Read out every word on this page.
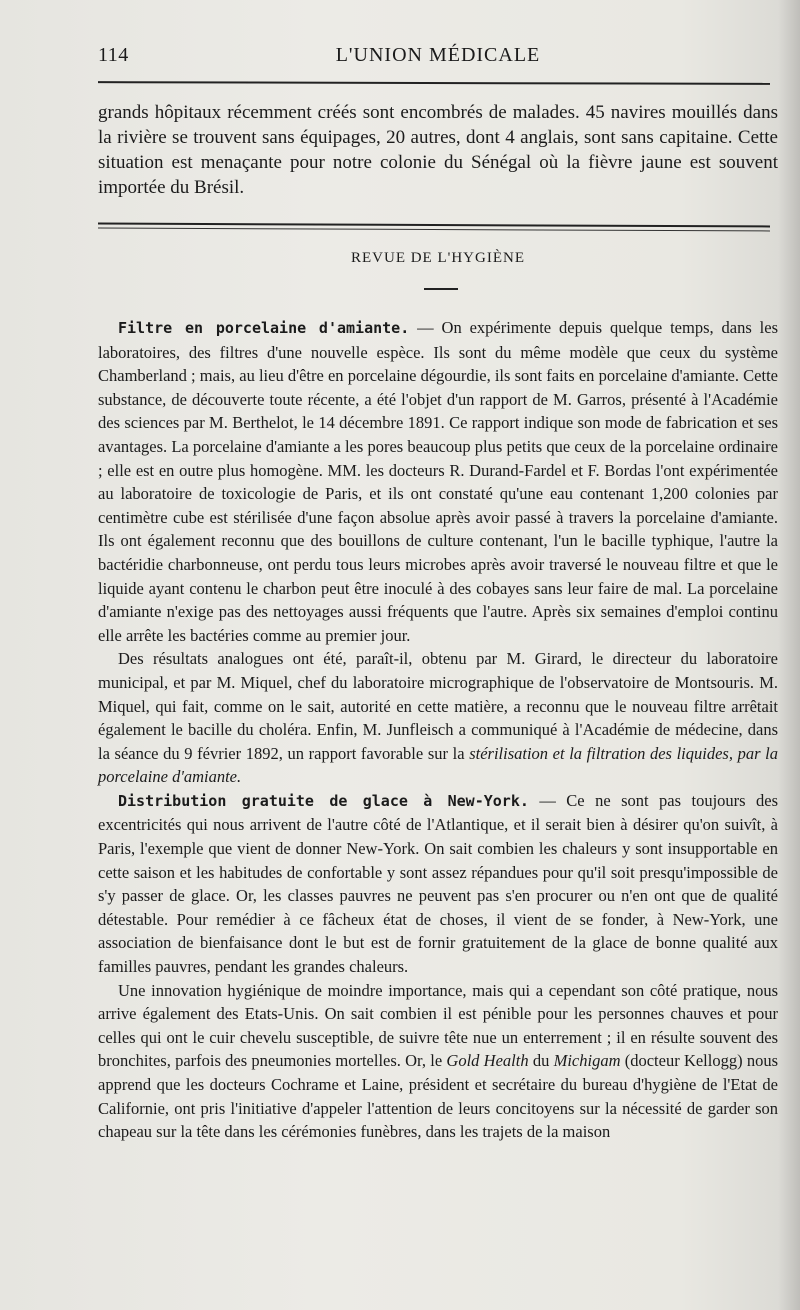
114	L'UNION MÉDICALE
grands hôpitaux récemment créés sont encombrés de malades. 45 navires mouillés dans la rivière se trouvent sans équipages, 20 autres, dont 4 anglais, sont sans capitaine. Cette situation est menaçante pour notre colonie du Sénégal où la fièvre jaune est souvent importée du Brésil.
REVUE DE L'HYGIÈNE

Filtre en porcelaine d'amiante. — On expérimente depuis quelque temps, dans les laboratoires, des filtres d'une nouvelle espèce. Ils sont du même modèle que ceux du système Chamberland ; mais, au lieu d'être en porcelaine dégourdie, ils sont faits en porcelaine d'amiante. Cette substance, de découverte toute récente, a été l'objet d'un rapport de M. Garros, présenté à l'Académie des sciences par M. Berthelot, le 14 décembre 1891. Ce rapport indique son mode de fabrication et ses avantages. La porcelaine d'amiante a les pores beaucoup plus petits que ceux de la porcelaine ordinaire ; elle est en outre plus homogène. MM. les docteurs R. Durand-Fardel et F. Bordas l'ont expérimentée au laboratoire de toxicologie de Paris, et ils ont constaté qu'une eau contenant 1,200 colonies par centimètre cube est stérilisée d'une façon absolue après avoir passé à travers la porcelaine d'amiante. Ils ont également reconnu que des bouillons de culture contenant, l'un le bacille typhique, l'autre la bactéridie charbonneuse, ont perdu tous leurs microbes après avoir traversé le nouveau filtre et que le liquide ayant contenu le charbon peut être inoculé à des cobayes sans leur faire de mal. La porcelaine d'amiante n'exige pas des nettoyages aussi fréquents que l'autre. Après six semaines d'emploi continu elle arrête les bactéries comme au premier jour.

Des résultats analogues ont été, paraît-il, obtenu par M. Girard, le directeur du laboratoire municipal, et par M. Miquel, chef du laboratoire micrographique de l'observatoire de Montsouris. M. Miquel, qui fait, comme on le sait, autorité en cette matière, a reconnu que le nouveau filtre arrêtait également le bacille du choléra. Enfin, M. Junfleisch a communiqué à l'Académie de médecine, dans la séance du 9 février 1892, un rapport favorable sur la stérilisation et la filtration des liquides, par la porcelaine d'amiante.

Distribution gratuite de glace à New-York. — Ce ne sont pas toujours des excentricités qui nous arrivent de l'autre côté de l'Atlantique, et il serait bien à désirer qu'on suivît, à Paris, l'exemple que vient de donner New-York. On sait combien les chaleurs y sont insupportable en cette saison et les habitudes de confortable y sont assez répandues pour qu'il soit presqu'impossible de s'y passer de glace. Or, les classes pauvres ne peuvent pas s'en procurer ou n'en ont que de qualité détestable. Pour remédier à ce fâcheux état de choses, il vient de se fonder, à New-York, une association de bienfaisance dont le but est de fornir gratuitement de la glace de bonne qualité aux familles pauvres, pendant les grandes chaleurs.

Une innovation hygiénique de moindre importance, mais qui a cependant son côté pratique, nous arrive également des Etats-Unis. On sait combien il est pénible pour les personnes chauves et pour celles qui ont le cuir chevelu susceptible, de suivre tête nue un enterrement ; il en résulte souvent des bronchites, parfois des pneumonies mortelles. Or, le Gold Health du Michigam (docteur Kellogg) nous apprend que les docteurs Cochrame et Laine, président et secrétaire du bureau d'hygiène de l'Etat de Californie, ont pris l'initiative d'appeler l'attention de leurs concitoyens sur la nécessité de garder son chapeau sur la tête dans les cérémonies funèbres, dans les trajets de la maison
